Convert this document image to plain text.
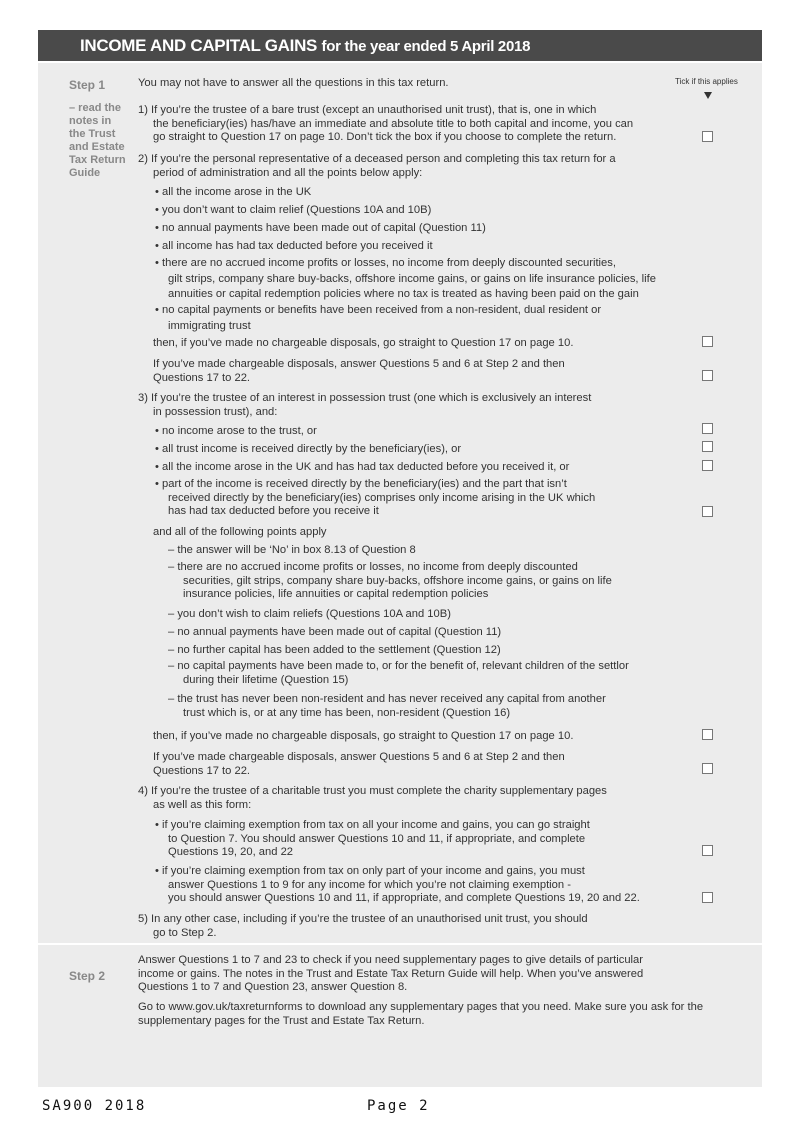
INCOME AND CAPITAL GAINS for the year ended 5 April 2018
Step 1
– read the
notes in
the Trust
and Estate
Tax Return
Guide
Tick if this applies
You may not have to answer all the questions in this tax return.
1) If you’re the trustee of a bare trust (except an unauthorised unit trust), that is, one in which
the beneficiary(ies) has/have an immediate and absolute title to both capital and income, you can
go straight to Question 17 on page 10. Don’t tick the box if you choose to complete the return.
2) If you’re the personal representative of a deceased person and completing this tax return for a
period of administration and all the points below apply:
• all the income arose in the UK
• you don’t want to claim relief (Questions 10A and 10B)
• no annual payments have been made out of capital (Question 11)
• all income has had tax deducted before you received it
• there are no accrued income profits or losses, no income from deeply discounted securities,
gilt strips, company share buy-backs, offshore income gains, or gains on life insurance policies, life
annuities or capital redemption policies where no tax is treated as having been paid on the gain
• no capital payments or benefits have been received from a non-resident, dual resident or
immigrating trust
then, if you’ve made no chargeable disposals, go straight to Question 17 on page 10.
If you’ve made chargeable disposals, answer Questions 5 and 6 at Step 2 and then
Questions 17 to 22.
3) If you’re the trustee of an interest in possession trust (one which is exclusively an interest
in possession trust), and:
• no income arose to the trust, or
• all trust income is received directly by the beneficiary(ies), or
• all the income arose in the UK and has had tax deducted before you received it, or
• part of the income is received directly by the beneficiary(ies) and the part that isn’t
received directly by the beneficiary(ies) comprises only income arising in the UK which
has had tax deducted before you receive it
and all of the following points apply
– the answer will be ‘No’ in box 8.13 of Question 8
– there are no accrued income profits or losses, no income from deeply discounted
securities, gilt strips, company share buy-backs, offshore income gains, or gains on life
insurance policies, life annuities or capital redemption policies
– you don’t wish to claim reliefs (Questions 10A and 10B)
– no annual payments have been made out of capital (Question 11)
– no further capital has been added to the settlement (Question 12)
– no capital payments have been made to, or for the benefit of, relevant children of the settlor
during their lifetime (Question 15)
– the trust has never been non-resident and has never received any capital from another
trust which is, or at any time has been, non-resident (Question 16)
then, if you’ve made no chargeable disposals, go straight to Question 17 on page 10.
If you’ve made chargeable disposals, answer Questions 5 and 6 at Step 2 and then
Questions 17 to 22.
4) If you’re the trustee of a charitable trust you must complete the charity supplementary pages
as well as this form:
• if you’re claiming exemption from tax on all your income and gains, you can go straight
to Question 7. You should answer Questions 10 and 11, if appropriate, and complete
Questions 19, 20, and 22
• if you’re claiming exemption from tax on only part of your income and gains, you must
answer Questions 1 to 9 for any income for which you’re not claiming exemption -
you should answer Questions 10 and 11, if appropriate, and complete Questions 19, 20 and 22.
5) In any other case, including if you’re the trustee of an unauthorised unit trust, you should
go to Step 2.
Step 2
Answer Questions 1 to 7 and 23 to check if you need supplementary pages to give details of particular
income or gains. The notes in the Trust and Estate Tax Return Guide will help. When you’ve answered
Questions 1 to 7 and Question 23, answer Question 8.
Go to www.gov.uk/taxreturnforms to download any supplementary pages that you need. Make sure you ask for the
supplementary pages for the Trust and Estate Tax Return.
SA900 2018	Page 2
